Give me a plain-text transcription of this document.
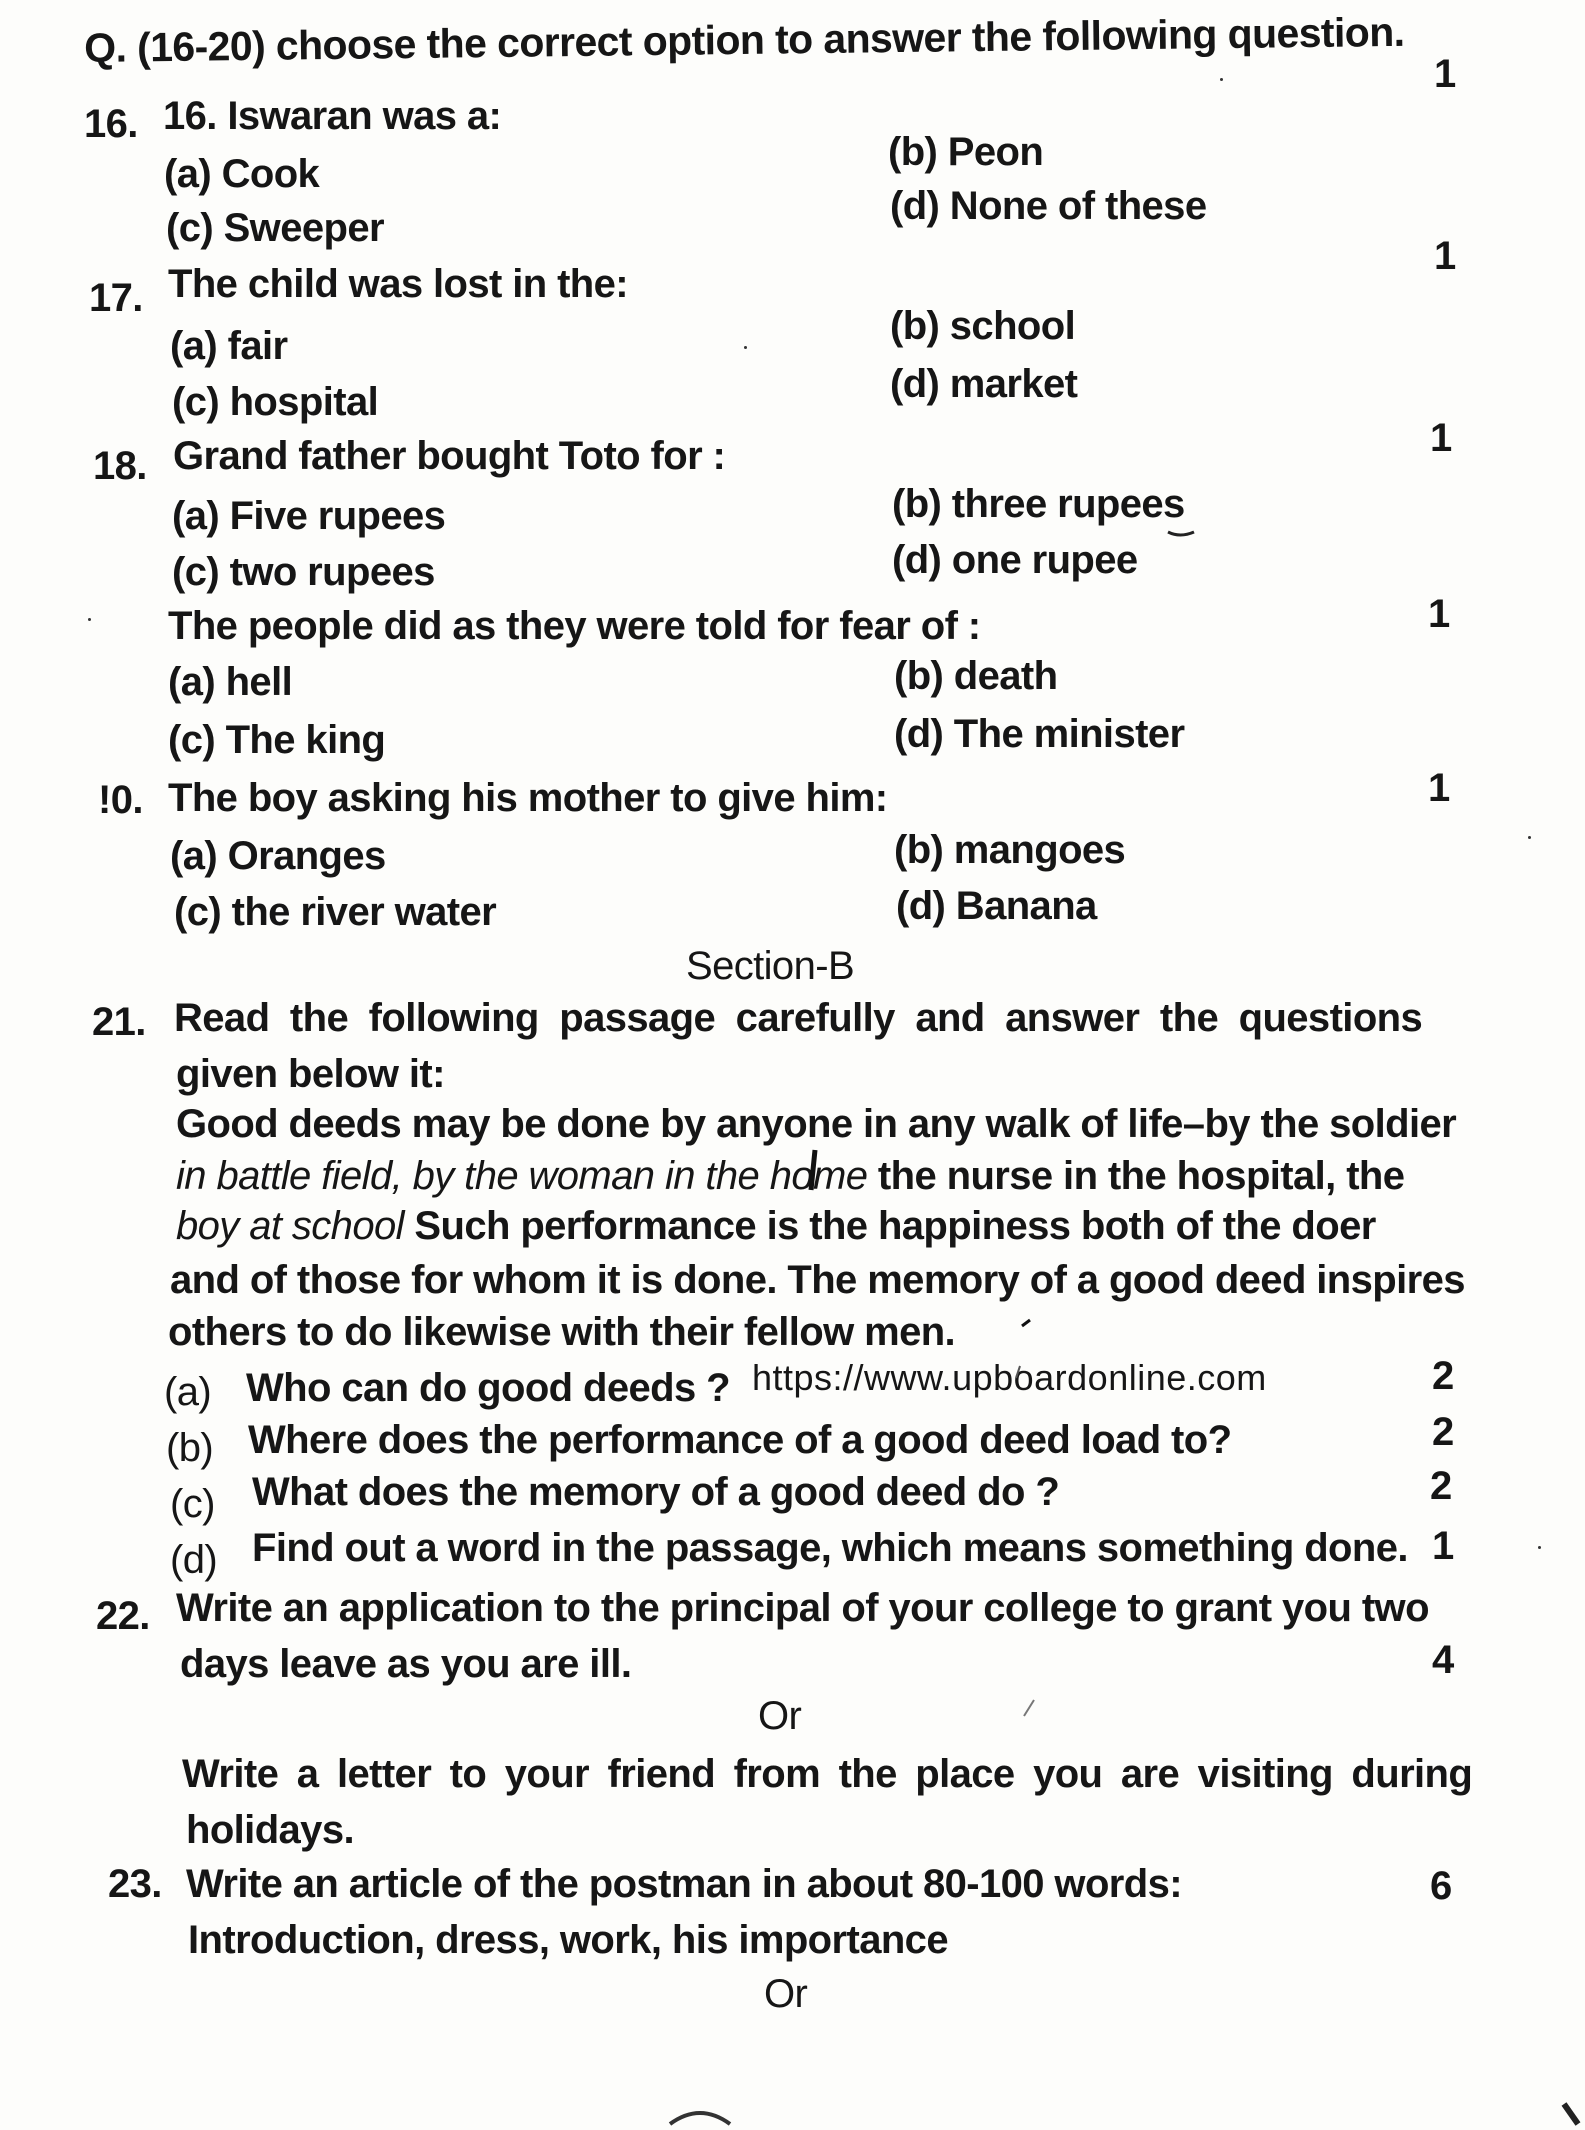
Q. (16-20) choose the correct option to answer the following question.
16. 16. Iswaran was a:
1
(a) Cook	(b) Peon
(c) Sweeper	(d) None of these
17. The child was lost in the:
1
(a) fair	(b) school
(c) hospital	(d) market
18. Grand father bought Toto for :	1
(a) Five rupees	(b) three rupees
(c) two rupees	(d) one rupee
The people did as they were told for fear of :	1
(a) hell	(b) death
(c) The king	(d) The minister
!0. The boy asking his mother to give him:	1
(a) Oranges	(b) mangoes
(c) the river water	(d) Banana
Section-B
21. Read the following passage carefully and answer the questions
given below it:
Good deeds may be done by anyone in any walk of life–by the soldier
in battle field, by the woman in the home the nurse in the hospital, the
boy at school Such performance is the happiness both of the doer
and of those for whom it is done. The memory of a good deed inspires
others to do likewise with their fellow men.
(a) Who can do good deeds ? https://www.upboardonline.com	2
(b) Where does the performance of a good deed load to?	2
(c) What does the memory of a good deed do ?	2
(d) Find out a word in the passage, which means something done. 1
22. Write an application to the principal of your college to grant you two
days leave as you are ill.	4
Or
Write a letter to your friend from the place you are visiting during
holidays.
23. Write an article of the postman in about 80-100 words:	6
Introduction, dress, work, his importance
Or
